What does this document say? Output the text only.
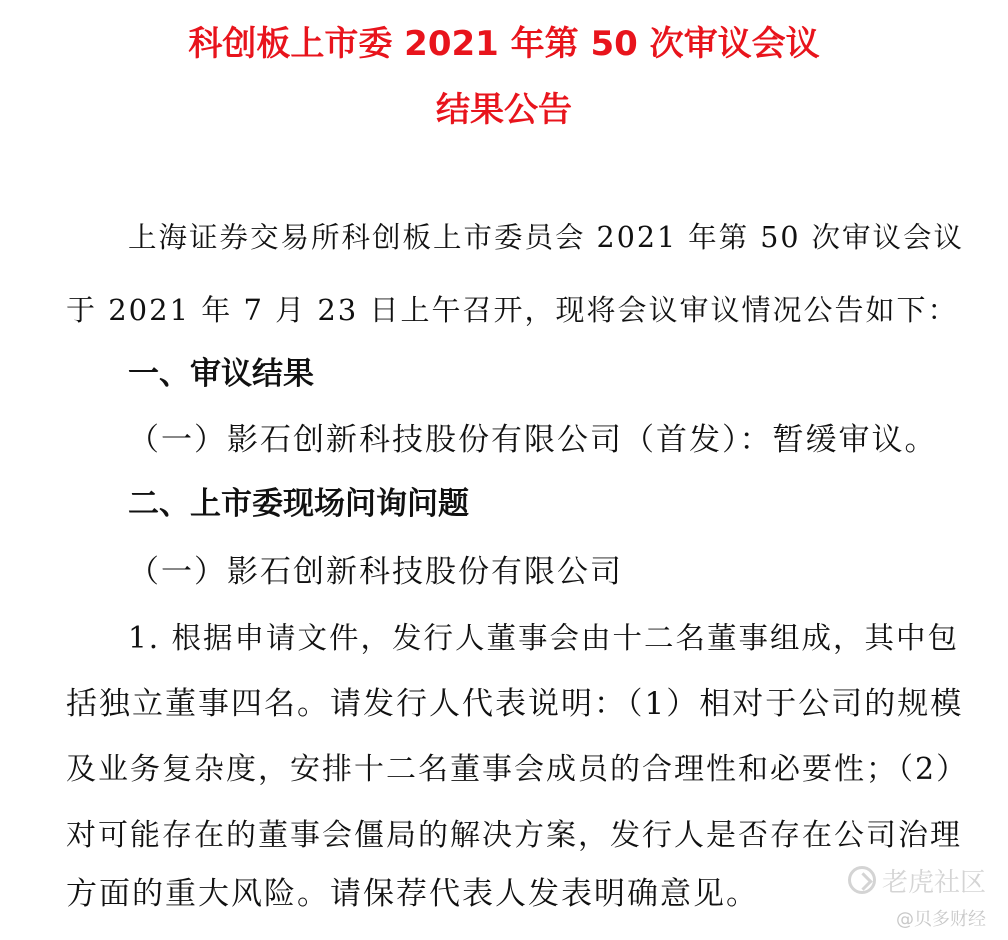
科创板上市委 2021 年第 50 次审议会议
结果公告
上海证券交易所科创板上市委员会 2021 年第 50 次审议会议
于 2021 年 7 月 23 日上午召开，现将会议审议情况公告如下：
一、审议结果
（一）影石创新科技股份有限公司（首发）：暂缓审议。
二、上市委现场问询问题
（一）影石创新科技股份有限公司
1. 根据申请文件，发行人董事会由十二名董事组成，其中包
括独立董事四名。请发行人代表说明：（1）相对于公司的规模
及业务复杂度，安排十二名董事会成员的合理性和必要性；（2）
对可能存在的董事会僵局的解决方案，发行人是否存在公司治理
方面的重大风险。请保荐代表人发表明确意见。	老虎社区
@贝多财经
